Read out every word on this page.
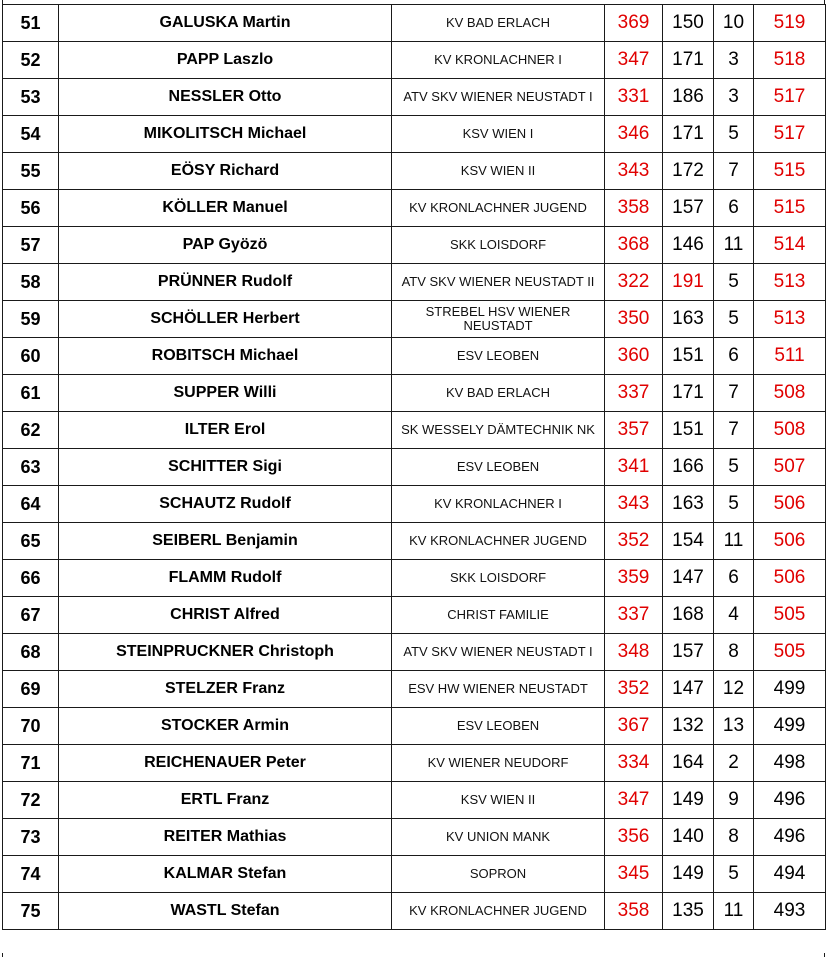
51	GALUSKA Martin	KV BAD ERLACH	369	150	10	519
52	PAPP Laszlo	KV KRONLACHNER I	347	171	3	518
53	NESSLER Otto	ATV SKV WIENER NEUSTADT I	331	186	3	517
54	MIKOLITSCH Michael	KSV WIEN I	346	171	5	517
55	EÖSY Richard	KSV WIEN II	343	172	7	515
56	KÖLLER Manuel	KV KRONLACHNER JUGEND	358	157	6	515
57	PAP Gyözö	SKK LOISDORF	368	146	11	514
58	PRÜNNER Rudolf	ATV SKV WIENER NEUSTADT II	322	191	5	513
59	SCHÖLLER Herbert	STREBEL HSV WIENER NEUSTADT	350	163	5	513
60	ROBITSCH Michael	ESV LEOBEN	360	151	6	511
61	SUPPER Willi	KV BAD ERLACH	337	171	7	508
62	ILTER Erol	SK WESSELY DÄMTECHNIK NK	357	151	7	508
63	SCHITTER Sigi	ESV LEOBEN	341	166	5	507
64	SCHAUTZ Rudolf	KV KRONLACHNER I	343	163	5	506
65	SEIBERL Benjamin	KV KRONLACHNER JUGEND	352	154	11	506
66	FLAMM Rudolf	SKK LOISDORF	359	147	6	506
67	CHRIST Alfred	CHRIST FAMILIE	337	168	4	505
68	STEINPRUCKNER Christoph	ATV SKV WIENER NEUSTADT I	348	157	8	505
69	STELZER Franz	ESV HW WIENER NEUSTADT	352	147	12	499
70	STOCKER Armin	ESV LEOBEN	367	132	13	499
71	REICHENAUER Peter	KV WIENER NEUDORF	334	164	2	498
72	ERTL Franz	KSV WIEN II	347	149	9	496
73	REITER Mathias	KV UNION MANK	356	140	8	496
74	KALMAR Stefan	SOPRON	345	149	5	494
75	WASTL Stefan	KV KRONLACHNER JUGEND	358	135	11	493
